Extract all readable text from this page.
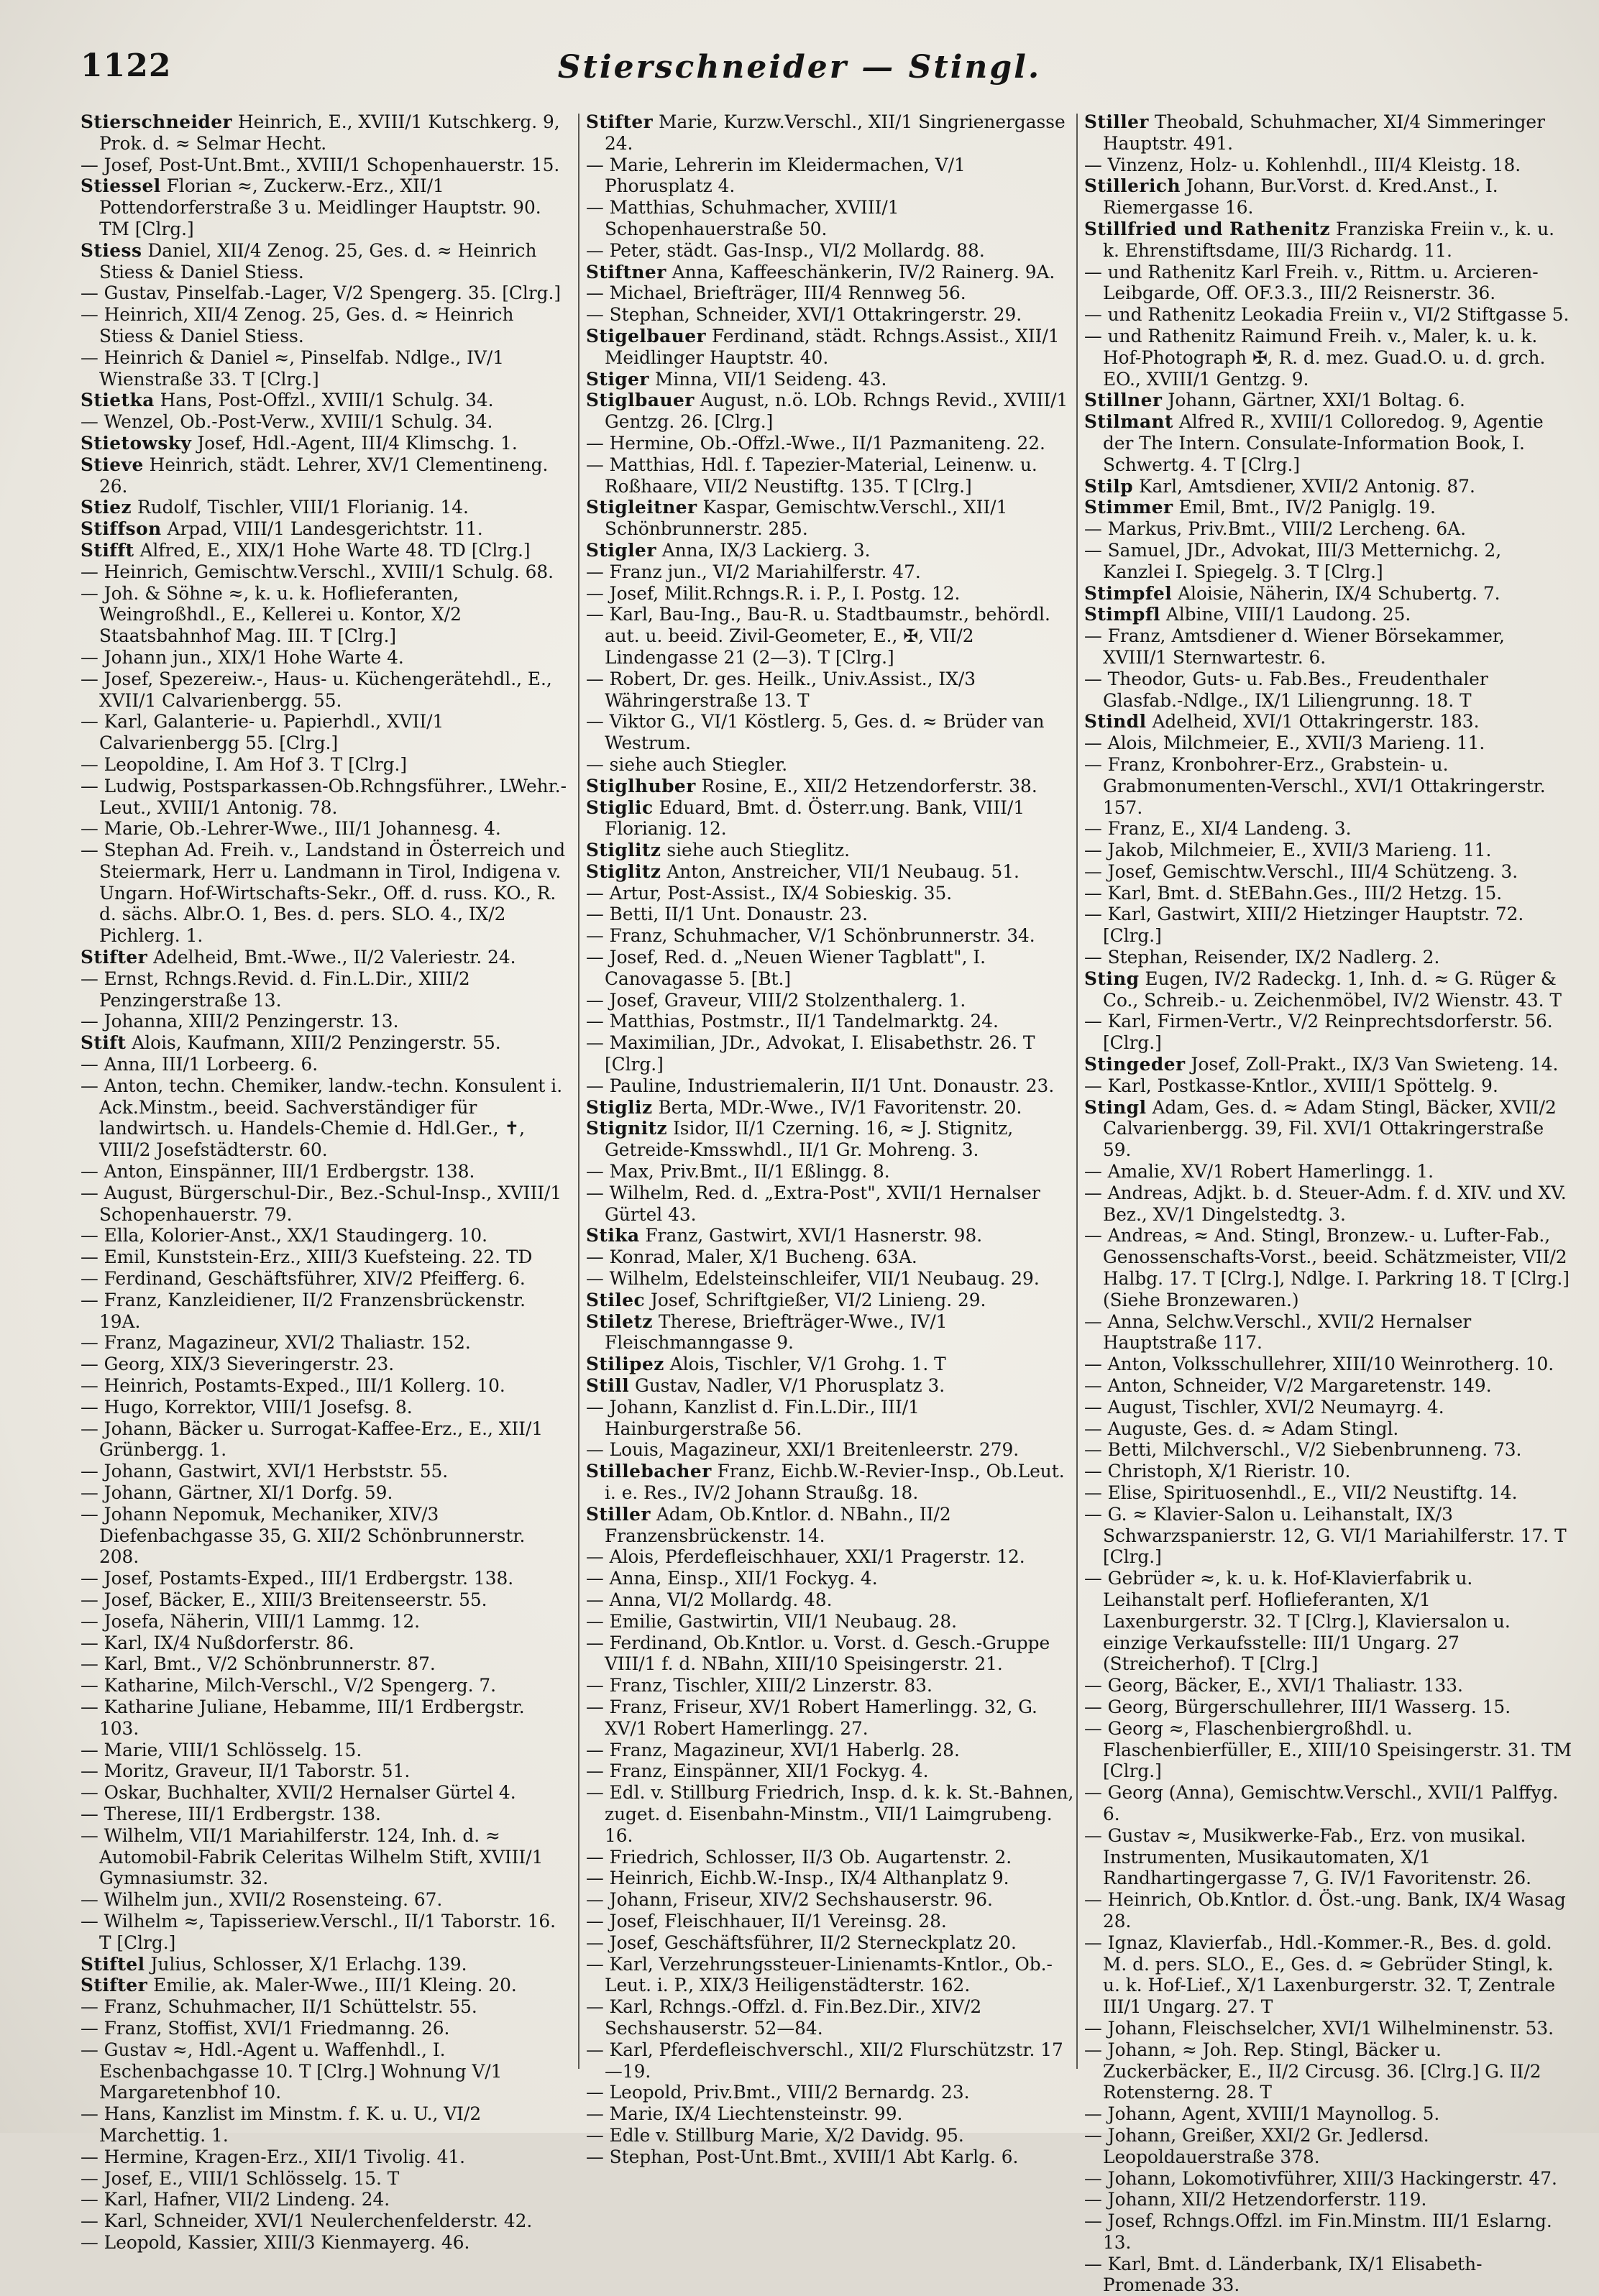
1122	Stierschneider — Stingl.

Stierschneider Heinrich, E., XVIII/1 Kutschkerg. 9, Prok. d. ≈ Selmar Hecht.

— Josef, Post-Unt.Bmt., XVIII/1 Schopenhauerstr. 15.

Stiessel Florian ≈, Zuckerw.-Erz., XII/1 Pottendorferstraße 3 u. Meidlinger Hauptstr. 90. TM [Clrg.]

Stiess Daniel, XII/4 Zenog. 25, Ges. d. ≈ Heinrich Stiess & Daniel Stiess.

— Gustav, Pinselfab.-Lager, V/2 Spengerg. 35. [Clrg.]

— Heinrich, XII/4 Zenog. 25, Ges. d. ≈ Heinrich Stiess & Daniel Stiess.

— Heinrich & Daniel ≈, Pinselfab. Ndlge., IV/1 Wienstraße 33. T [Clrg.]

Stietka Hans, Post-Offzl., XVIII/1 Schulg. 34.

— Wenzel, Ob.-Post-Verw., XVIII/1 Schulg. 34.

Stietowsky Josef, Hdl.-Agent, III/4 Klimschg. 1.

Stieve Heinrich, städt. Lehrer, XV/1 Clementineng. 26.

Stiez Rudolf, Tischler, VIII/1 Florianig. 14.

Stiffson Arpad, VIII/1 Landesgerichtstr. 11.

Stifft Alfred, E., XIX/1 Hohe Warte 48. TD [Clrg.]

— Heinrich, Gemischtw.Verschl., XVIII/1 Schulg. 68.

— Joh. & Söhne ≈, k. u. k. Hoflieferanten, Weingroßhdl., E., Kellerei u. Kontor, X/2 Staatsbahnhof Mag. III. T [Clrg.]

— Johann jun., XIX/1 Hohe Warte 4.

— Josef, Spezereiw.-, Haus- u. Küchengerätehdl., E., XVII/1 Calvarienbergg. 55.

— Karl, Galanterie- u. Papierhdl., XVII/1 Calvarienbergg 55. [Clrg.]

— Leopoldine, I. Am Hof 3. T [Clrg.]

— Ludwig, Postsparkassen-Ob.Rchngsführer., LWehr.-Leut., XVIII/1 Antonig. 78.

— Marie, Ob.-Lehrer-Wwe., III/1 Johannesg. 4.

— Stephan Ad. Freih. v., Landstand in Österreich und Steiermark, Herr u. Landmann in Tirol, Indigena v. Ungarn. Hof-Wirtschafts-Sekr., Off. d. russ. KO., R. d. sächs. Albr.O. 1, Bes. d. pers. SLO. 4., IX/2 Pichlerg. 1.

Stifter Adelheid, Bmt.-Wwe., II/2 Valeriestr. 24.

— Ernst, Rchngs.Revid. d. Fin.L.Dir., XIII/2 Penzingerstraße 13.

— Johanna, XIII/2 Penzingerstr. 13.

Stift Alois, Kaufmann, XIII/2 Penzingerstr. 55.

— Anna, III/1 Lorbeerg. 6.

— Anton, techn. Chemiker, landw.-techn. Konsulent i. Ack.Minstm., beeid. Sachverständiger für landwirtsch. u. Handels-Chemie d. Hdl.Ger., ✝, VIII/2 Josefstädterstr. 60.

— Anton, Einspänner, III/1 Erdbergstr. 138.

— August, Bürgerschul-Dir., Bez.-Schul-Insp., XVIII/1 Schopenhauerstr. 79.

— Ella, Kolorier-Anst., XX/1 Staudingerg. 10.

— Emil, Kunststein-Erz., XIII/3 Kuefsteing. 22. TD

— Ferdinand, Geschäftsführer, XIV/2 Pfeifferg. 6.

— Franz, Kanzleidiener, II/2 Franzensbrückenstr. 19A.

— Franz, Magazineur, XVI/2 Thaliastr. 152.

— Georg, XIX/3 Sieveringerstr. 23.

— Heinrich, Postamts-Exped., III/1 Kollerg. 10.

— Hugo, Korrektor, VIII/1 Josefsg. 8.

— Johann, Bäcker u. Surrogat-Kaffee-Erz., E., XII/1 Grünbergg. 1.

— Johann, Gastwirt, XVI/1 Herbststr. 55.

— Johann, Gärtner, XI/1 Dorfg. 59.

— Johann Nepomuk, Mechaniker, XIV/3 Diefenbachgasse 35, G. XII/2 Schönbrunnerstr. 208.

— Josef, Postamts-Exped., III/1 Erdbergstr. 138.

— Josef, Bäcker, E., XIII/3 Breitenseerstr. 55.

— Josefa, Näherin, VIII/1 Lammg. 12.

— Karl, IX/4 Nußdorferstr. 86.

— Karl, Bmt., V/2 Schönbrunnerstr. 87.

— Katharine, Milch-Verschl., V/2 Spengerg. 7.

— Katharine Juliane, Hebamme, III/1 Erdbergstr. 103.

— Marie, VIII/1 Schlösselg. 15.

— Moritz, Graveur, II/1 Taborstr. 51.

— Oskar, Buchhalter, XVII/2 Hernalser Gürtel 4.

— Therese, III/1 Erdbergstr. 138.

— Wilhelm, VII/1 Mariahilferstr. 124, Inh. d. ≈ Automobil-Fabrik Celeritas Wilhelm Stift, XVIII/1 Gymnasiumstr. 32.

— Wilhelm jun., XVII/2 Rosensteing. 67.

— Wilhelm ≈, Tapisseriew.Verschl., II/1 Taborstr. 16. T [Clrg.]

Stiftel Julius, Schlosser, X/1 Erlachg. 139.

Stifter Emilie, ak. Maler-Wwe., III/1 Kleing. 20.

— Franz, Schuhmacher, II/1 Schüttelstr. 55.

— Franz, Stoffist, XVI/1 Friedmanng. 26.

— Gustav ≈, Hdl.-Agent u. Waffenhdl., I. Eschenbachgasse 10. T [Clrg.] Wohnung V/1 Margaretenbhof 10.

— Hans, Kanzlist im Minstm. f. K. u. U., VI/2 Marchettig. 1.

— Hermine, Kragen-Erz., XII/1 Tivolig. 41.

— Josef, E., VIII/1 Schlösselg. 15. T

— Karl, Hafner, VII/2 Lindeng. 24.

— Karl, Schneider, XVI/1 Neulerchenfelderstr. 42.

— Leopold, Kassier, XIII/3 Kienmayerg. 46.

Stifter Marie, Kurzw.Verschl., XII/1 Singrienergasse 24.

— Marie, Lehrerin im Kleidermachen, V/1 Phorusplatz 4.

— Matthias, Schuhmacher, XVIII/1 Schopenhauerstraße 50.

— Peter, städt. Gas-Insp., VI/2 Mollardg. 88.

Stiftner Anna, Kaffeeschänkerin, IV/2 Rainerg. 9A.

— Michael, Briefträger, III/4 Rennweg 56.

— Stephan, Schneider, XVI/1 Ottakringerstr. 29.

Stigelbauer Ferdinand, städt. Rchngs.Assist., XII/1 Meidlinger Hauptstr. 40.

Stiger Minna, VII/1 Seideng. 43.

Stiglbauer August, n.ö. LOb. Rchngs Revid., XVIII/1 Gentzg. 26. [Clrg.]

— Hermine, Ob.-Offzl.-Wwe., II/1 Pazmaniteng. 22.

— Matthias, Hdl. f. Tapezier-Material, Leinenw. u. Roßhaare, VII/2 Neustiftg. 135. T [Clrg.]

Stigleitner Kaspar, Gemischtw.Verschl., XII/1 Schönbrunnerstr. 285.

Stigler Anna, IX/3 Lackierg. 3.

— Franz jun., VI/2 Mariahilferstr. 47.

— Josef, Milit.Rchngs.R. i. P., I. Postg. 12.

— Karl, Bau-Ing., Bau-R. u. Stadtbaumstr., behördl. aut. u. beeid. Zivil-Geometer, E., ✠, VII/2 Lindengasse 21 (2—3). T [Clrg.]

— Robert, Dr. ges. Heilk., Univ.Assist., IX/3 Währingerstraße 13. T

— Viktor G., VI/1 Köstlerg. 5, Ges. d. ≈ Brüder van Westrum.

— siehe auch Stiegler.

Stiglhuber Rosine, E., XII/2 Hetzendorferstr. 38.

Stiglic Eduard, Bmt. d. Österr.ung. Bank, VIII/1 Florianig. 12.

Stiglitz siehe auch Stieglitz.

Stiglitz Anton, Anstreicher, VII/1 Neubaug. 51.

— Artur, Post-Assist., IX/4 Sobieskig. 35.

— Betti, II/1 Unt. Donaustr. 23.

— Franz, Schuhmacher, V/1 Schönbrunnerstr. 34.

— Josef, Red. d. „Neuen Wiener Tagblatt", I. Canovagasse 5. [Bt.]

— Josef, Graveur, VIII/2 Stolzenthalerg. 1.

— Matthias, Postmstr., II/1 Tandelmarktg. 24.

— Maximilian, JDr., Advokat, I. Elisabethstr. 26. T [Clrg.]

— Pauline, Industriemalerin, II/1 Unt. Donaustr. 23.

Stigliz Berta, MDr.-Wwe., IV/1 Favoritenstr. 20.

Stignitz Isidor, II/1 Czerning. 16, ≈ J. Stignitz, Getreide-Kmsswhdl., II/1 Gr. Mohreng. 3.

— Max, Priv.Bmt., II/1 Eßlingg. 8.

— Wilhelm, Red. d. „Extra-Post", XVII/1 Hernalser Gürtel 43.

Stika Franz, Gastwirt, XVI/1 Hasnerstr. 98.

— Konrad, Maler, X/1 Bucheng. 63A.

— Wilhelm, Edelsteinschleifer, VII/1 Neubaug. 29.

Stilec Josef, Schriftgießer, VI/2 Linieng. 29.

Stiletz Therese, Briefträger-Wwe., IV/1 Fleischmanngasse 9.

Stilipez Alois, Tischler, V/1 Grohg. 1. T

Still Gustav, Nadler, V/1 Phorusplatz 3.

— Johann, Kanzlist d. Fin.L.Dir., III/1 Hainburgerstraße 56.

— Louis, Magazineur, XXI/1 Breitenleerstr. 279.

Stillebacher Franz, Eichb.W.-Revier-Insp., Ob.Leut. i. e. Res., IV/2 Johann Straußg. 18.

Stiller Adam, Ob.Kntlor. d. NBahn., II/2 Franzensbrückenstr. 14.

— Alois, Pferdefleischhauer, XXI/1 Pragerstr. 12.

— Anna, Einsp., XII/1 Fockyg. 4.

— Anna, VI/2 Mollardg. 48.

— Emilie, Gastwirtin, VII/1 Neubaug. 28.

— Ferdinand, Ob.Kntlor. u. Vorst. d. Gesch.-Gruppe VIII/1 f. d. NBahn, XIII/10 Speisingerstr. 21.

— Franz, Tischler, XIII/2 Linzerstr. 83.

— Franz, Friseur, XV/1 Robert Hamerlingg. 32, G. XV/1 Robert Hamerlingg. 27.

— Franz, Magazineur, XVI/1 Haberlg. 28.

— Franz, Einspänner, XII/1 Fockyg. 4.

— Edl. v. Stillburg Friedrich, Insp. d. k. k. St.-Bahnen, zuget. d. Eisenbahn-Minstm., VII/1 Laimgrubeng. 16.

— Friedrich, Schlosser, II/3 Ob. Augartenstr. 2.

— Heinrich, Eichb.W.-Insp., IX/4 Althanplatz 9.

— Johann, Friseur, XIV/2 Sechshauserstr. 96.

— Josef, Fleischhauer, II/1 Vereinsg. 28.

— Josef, Geschäftsführer, II/2 Sterneckplatz 20.

— Karl, Verzehrungssteuer-Linienamts-Kntlor., Ob.-Leut. i. P., XIX/3 Heiligenstädterstr. 162.

— Karl, Rchngs.-Offzl. d. Fin.Bez.Dir., XIV/2 Sechshauserstr. 52—84.

— Karl, Pferdefleischverschl., XII/2 Flurschützstr. 17—19.

— Leopold, Priv.Bmt., VIII/2 Bernardg. 23.

— Marie, IX/4 Liechtensteinstr. 99.

— Edle v. Stillburg Marie, X/2 Davidg. 95.

— Stephan, Post-Unt.Bmt., XVIII/1 Abt Karlg. 6.

Stiller Theobald, Schuhmacher, XI/4 Simmeringer Hauptstr. 491.

— Vinzenz, Holz- u. Kohlenhdl., III/4 Kleistg. 18.

Stillerich Johann, Bur.Vorst. d. Kred.Anst., I. Riemergasse 16.

Stillfried und Rathenitz Franziska Freiin v., k. u. k. Ehrenstiftsdame, III/3 Richardg. 11.

— und Rathenitz Karl Freih. v., Rittm. u. Arcieren-Leibgarde, Off. OF.3.3., III/2 Reisnerstr. 36.

— und Rathenitz Leokadia Freiin v., VI/2 Stiftgasse 5.

— und Rathenitz Raimund Freih. v., Maler, k. u. k. Hof-Photograph ✠, R. d. mez. Guad.O. u. d. grch. EO., XVIII/1 Gentzg. 9.

Stillner Johann, Gärtner, XXI/1 Boltag. 6.

Stilmant Alfred R., XVIII/1 Colloredog. 9, Agentie der The Intern. Consulate-Information Book, I. Schwertg. 4. T [Clrg.]

Stilp Karl, Amtsdiener, XVII/2 Antonig. 87.

Stimmer Emil, Bmt., IV/2 Paniglg. 19.

— Markus, Priv.Bmt., VIII/2 Lercheng. 6A.

— Samuel, JDr., Advokat, III/3 Metternichg. 2, Kanzlei I. Spiegelg. 3. T [Clrg.]

Stimpfel Aloisie, Näherin, IX/4 Schubertg. 7.

Stimpfl Albine, VIII/1 Laudong. 25.

— Franz, Amtsdiener d. Wiener Börsekammer, XVIII/1 Sternwartestr. 6.

— Theodor, Guts- u. Fab.Bes., Freudenthaler Glasfab.-Ndlge., IX/1 Liliengrunng. 18. T

Stindl Adelheid, XVI/1 Ottakringerstr. 183.

— Alois, Milchmeier, E., XVII/3 Marieng. 11.

— Franz, Kronbohrer-Erz., Grabstein- u. Grabmonumenten-Verschl., XVI/1 Ottakringerstr. 157.

— Franz, E., XI/4 Landeng. 3.

— Jakob, Milchmeier, E., XVII/3 Marieng. 11.

— Josef, Gemischtw.Verschl., III/4 Schützeng. 3.

— Karl, Bmt. d. StEBahn.Ges., III/2 Hetzg. 15.

— Karl, Gastwirt, XIII/2 Hietzinger Hauptstr. 72. [Clrg.]

— Stephan, Reisender, IX/2 Nadlerg. 2.

Sting Eugen, IV/2 Radeckg. 1, Inh. d. ≈ G. Rüger & Co., Schreib.- u. Zeichenmöbel, IV/2 Wienstr. 43. T

— Karl, Firmen-Vertr., V/2 Reinprechtsdorferstr. 56. [Clrg.]

Stingeder Josef, Zoll-Prakt., IX/3 Van Swieteng. 14.

— Karl, Postkasse-Kntlor., XVIII/1 Spöttelg. 9.

Stingl Adam, Ges. d. ≈ Adam Stingl, Bäcker, XVII/2 Calvarienbergg. 39, Fil. XVI/1 Ottakringerstraße 59.

— Amalie, XV/1 Robert Hamerlingg. 1.

— Andreas, Adjkt. b. d. Steuer-Adm. f. d. XIV. und XV. Bez., XV/1 Dingelstedtg. 3.

— Andreas, ≈ And. Stingl, Bronzew.- u. Lufter-Fab., Genossenschafts-Vorst., beeid. Schätzmeister, VII/2 Halbg. 17. T [Clrg.], Ndlge. I. Parkring 18. T [Clrg.] (Siehe Bronzewaren.)

— Anna, Selchw.Verschl., XVII/2 Hernalser Hauptstraße 117.

— Anton, Volksschullehrer, XIII/10 Weinrotherg. 10.

— Anton, Schneider, V/2 Margaretenstr. 149.

— August, Tischler, XVI/2 Neumayrg. 4.

— Auguste, Ges. d. ≈ Adam Stingl.

— Betti, Milchverschl., V/2 Siebenbrunneng. 73.

— Christoph, X/1 Rieristr. 10.

— Elise, Spirituosenhdl., E., VII/2 Neustiftg. 14.

— G. ≈ Klavier-Salon u. Leihanstalt, IX/3 Schwarzspanierstr. 12, G. VI/1 Mariahilferstr. 17. T [Clrg.]

— Gebrüder ≈, k. u. k. Hof-Klavierfabrik u. Leihanstalt perf. Hoflieferanten, X/1 Laxenburgerstr. 32. T [Clrg.], Klaviersalon u. einzige Verkaufsstelle: III/1 Ungarg. 27 (Streicherhof). T [Clrg.]

— Georg, Bäcker, E., XVI/1 Thaliastr. 133.

— Georg, Bürgerschullehrer, III/1 Wasserg. 15.

— Georg ≈, Flaschenbiergroßhdl. u. Flaschenbierfüller, E., XIII/10 Speisingerstr. 31. TM [Clrg.]

— Georg (Anna), Gemischtw.Verschl., XVII/1 Palffyg. 6.

— Gustav ≈, Musikwerke-Fab., Erz. von musikal. Instrumenten, Musikautomaten, X/1 Randhartingergasse 7, G. IV/1 Favoritenstr. 26.

— Heinrich, Ob.Kntlor. d. Öst.-ung. Bank, IX/4 Wasag 28.

— Ignaz, Klavierfab., Hdl.-Kommer.-R., Bes. d. gold. M. d. pers. SLO., E., Ges. d. ≈ Gebrüder Stingl, k. u. k. Hof-Lief., X/1 Laxenburgerstr. 32. T, Zentrale III/1 Ungarg. 27. T

— Johann, Fleischselcher, XVI/1 Wilhelminenstr. 53.

— Johann, ≈ Joh. Rep. Stingl, Bäcker u. Zuckerbäcker, E., II/2 Circusg. 36. [Clrg.] G. II/2 Rotensterng. 28. T

— Johann, Agent, XVIII/1 Maynollog. 5.

— Johann, Greißer, XXI/2 Gr. Jedlersd. Leopoldauerstraße 378.

— Johann, Lokomotivführer, XIII/3 Hackingerstr. 47.

— Johann, XII/2 Hetzendorferstr. 119.

— Josef, Rchngs.Offzl. im Fin.Minstm. III/1 Eslarng. 13.

— Karl, Bmt. d. Länderbank, IX/1 Elisabeth-Promenade 33.
